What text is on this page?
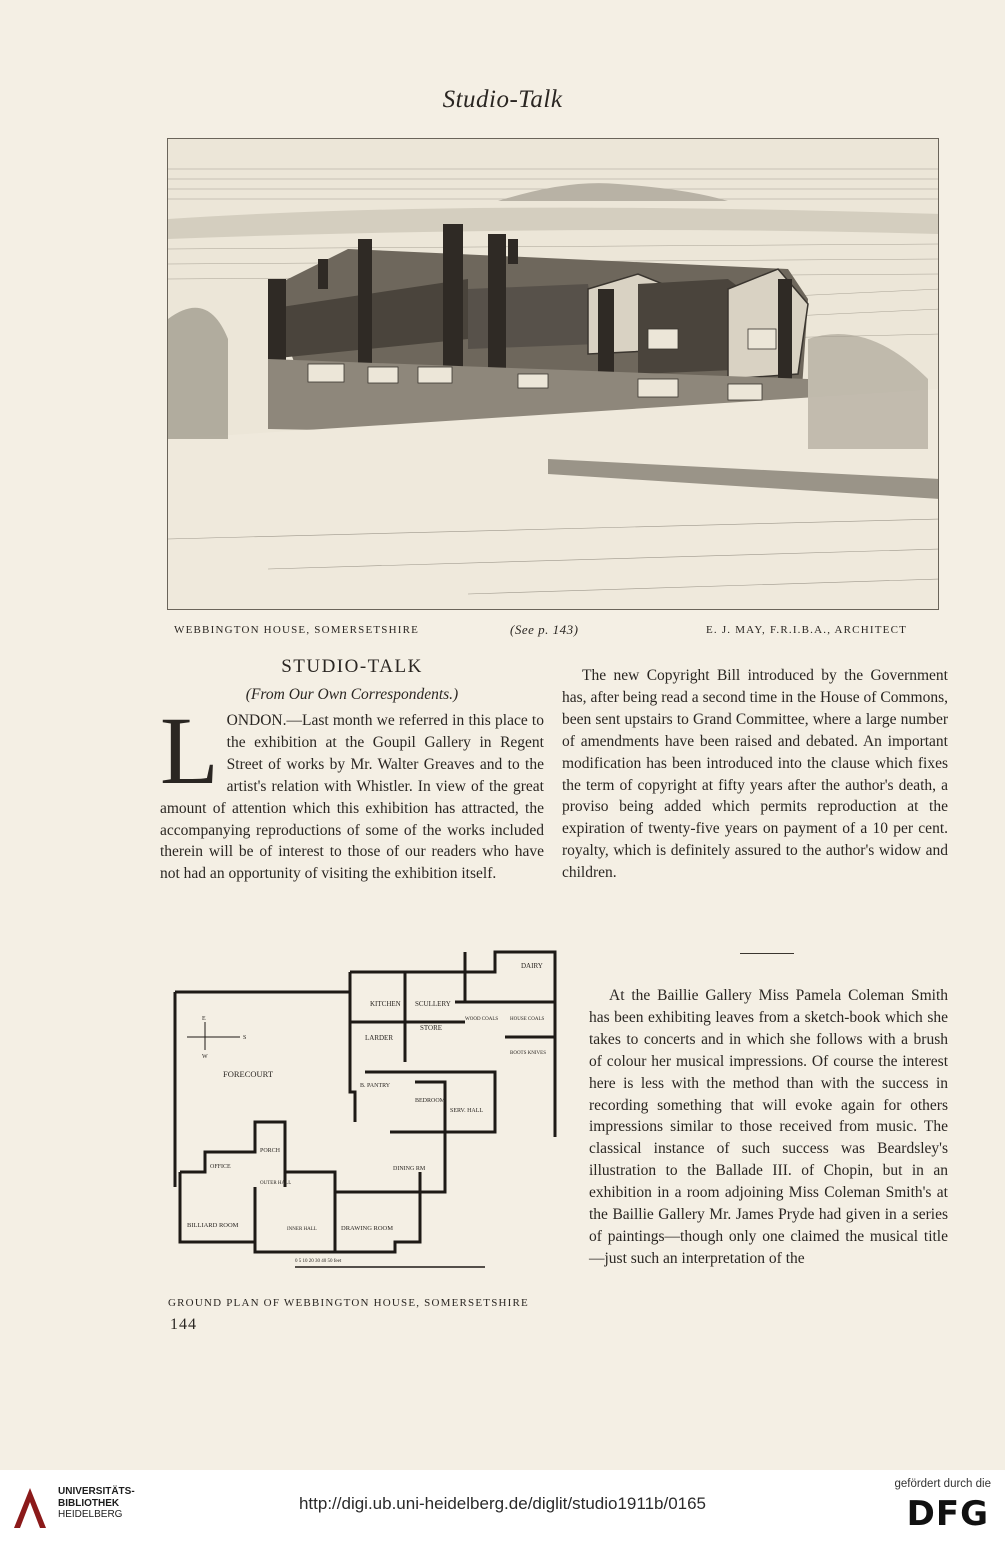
Studio-Talk
WEBBINGTON HOUSE, SOMERSETSHIRE	(See p. 143)	E. J. MAY, F.R.I.B.A., ARCHITECT
STUDIO-TALK
(From Our Own Correspondents.)
L ONDON.—Last month we referred in this place to the exhibition at the Goupil Gallery in Regent Street of works by Mr. Walter Greaves and to the artist's relation with Whistler. In view of the great amount of attention which this exhibition has attracted, the accompanying reproductions of some of the works included therein will be of interest to those of our readers who have not had an opportunity of visiting the exhibition itself.

The new Copyright Bill introduced by the Government has, after being read a second time in the House of Commons, been sent upstairs to Grand Committee, where a large number of amendments have been raised and debated. An important modification has been introduced into the clause which fixes the term of copyright at fifty years after the author's death, a proviso being added which permits reproduction at the expiration of twenty-five years on payment of a 10 per cent. royalty, which is definitely assured to the author's widow and children.

At the Baillie Gallery Miss Pamela Coleman Smith has been exhibiting leaves from a sketch-book which she takes to concerts and in which she follows with a brush of colour her musical impressions. Of course the interest here is less with the method than with the success in recording something that will evoke again for others impressions similar to those received from music. The classical instance of such success was Beardsley's illustration to the Ballade III. of Chopin, but in an exhibition in a room adjoining Miss Coleman Smith's at the Baillie Gallery Mr. James Pryde had given in a series of paintings—though only one claimed the musical title—just such an interpretation of the

DAIRY
KITCHEN SCULLERY
STORE
LARDER
WOOD COALS HOUSE COALS
BOOTS KNIVES
FORECOURT
B. PANTRY
BEDROOM
SERV. HALL
OFFICE
PORCH
DINING RM
OUTER HALL
BILLIARD ROOM
INNER HALL	DRAWING ROOM
E
W
S
0 5 10 20 30 40 50 feet
GROUND PLAN OF WEBBINGTON HOUSE, SOMERSETSHIRE
144
UNIVERSITÄTS-
BIBLIOTHEK
HEIDELBERG
http://digi.ub.uni-heidelberg.de/diglit/studio1911b/0165
gefördert durch die
DFG
